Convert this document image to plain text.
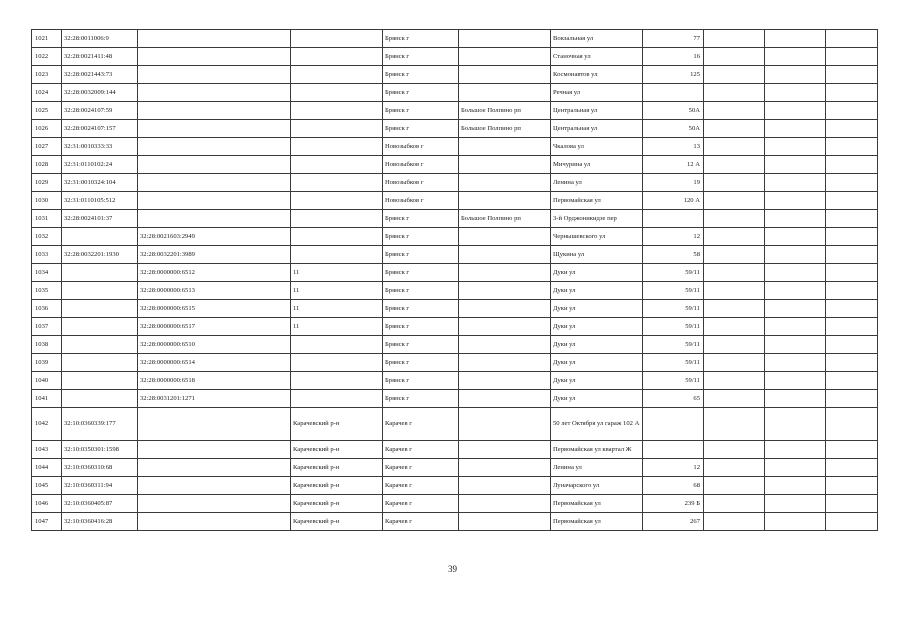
1021	32:28:0011006:9			Брянск г		Вокзальная ул	77			
1022	32:28:0021411:48			Брянск г		Станочная ул	16			
1023	32:28:0021443:73			Брянск г		Космонавтов ул	125			
1024	32:28:0032009:144			Брянск г		Речная ул				
1025	32:28:0024107:59			Брянск г	Большое Полпино рп	Центральная ул	50А			
1026	32:28:0024107:157			Брянск г	Большое Полпино рп	Центральная ул	50А			
1027	32:31:0010333:33			Новозыбков г		Чкалова ул	13			
1028	32:31:0110102:24			Новозыбков г		Мичурина ул	12 А			
1029	32:31:0010324:104			Новозыбков г		Ленина ул	19			
1030	32:31:0110105:512			Новозыбков г		Первомайская ул	120 А			
1031	32:28:0024101:37			Брянск г	Большое Полпино рп	3-й Орджоникидзе пер				
1032		32:28:0021603:2949		Брянск г		Чернышевского ул	12			
1033	32:28:0032201:1930	32:28:0032201:3989		Брянск г		Щукина ул	58			
1034		32:28:0000000:6512	11	Брянск г		Дуки ул	59/11			
1035		32:28:0000000:6513	11	Брянск г		Дуки ул	59/11			
1036		32:28:0000000:6515	11	Брянск г		Дуки ул	59/11			
1037		32:28:0000000:6517	11	Брянск г		Дуки ул	59/11			
1038		32:28:0000000:6510		Брянск г		Дуки ул	59/11			
1039		32:28:0000000:6514		Брянск г		Дуки ул	59/11			
1040		32:28:0000000:6518		Брянск г		Дуки ул	59/11			
1041		32:28:0031201:1271		Брянск г		Дуки ул	65			
1042	32:10:0360339:177		Карачевский р-н	Карачев г		50 лет Октября ул гараж 102 А				
1043	32:10:0350301:1598		Карачевский р-н	Карачев г		Первомайская ул квартал Ж				
1044	32:10:0360310:68		Карачевский р-н	Карачев г		Ленина ул	12			
1045	32:10:0360311:94		Карачевский р-н	Карачев г		Луначарского ул	68			
1046	32:10:0360405:87		Карачевский р-н	Карачев г		Первомайская ул	239 Б			
1047	32:10:0360416:28		Карачевский р-н	Карачев г		Первомайская ул	267			
39
